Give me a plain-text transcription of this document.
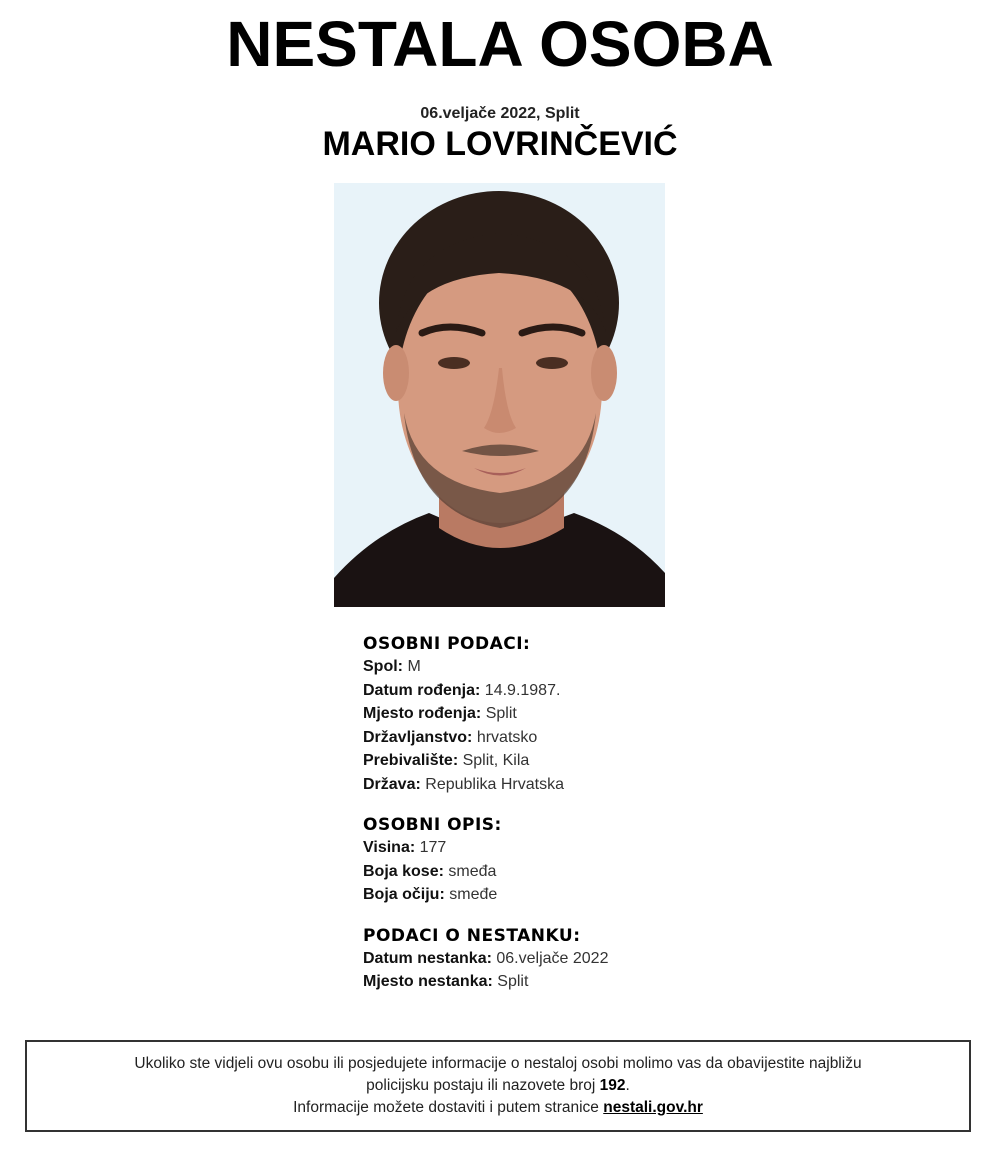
NESTALA OSOBA
06.veljače 2022, Split
MARIO LOVRINČEVIĆ
OSOBNI PODACI:
Spol: M
Datum rođenja: 14.9.1987.
Mjesto rođenja: Split
Državljanstvo: hrvatsko
Prebivalište: Split, Kila
Država: Republika Hrvatska
OSOBNI OPIS:
Visina: 177
Boja kose: smeđa
Boja očiju: smeđe
PODACI O NESTANKU:
Datum nestanka: 06.veljače 2022
Mjesto nestanka: Split
Ukoliko ste vidjeli ovu osobu ili posjedujete informacije o nestaloj osobi molimo vas da obavijestite najbližu
policijsku postaju ili nazovete broj 192.
Informacije možete dostaviti i putem stranice nestali.gov.hr
